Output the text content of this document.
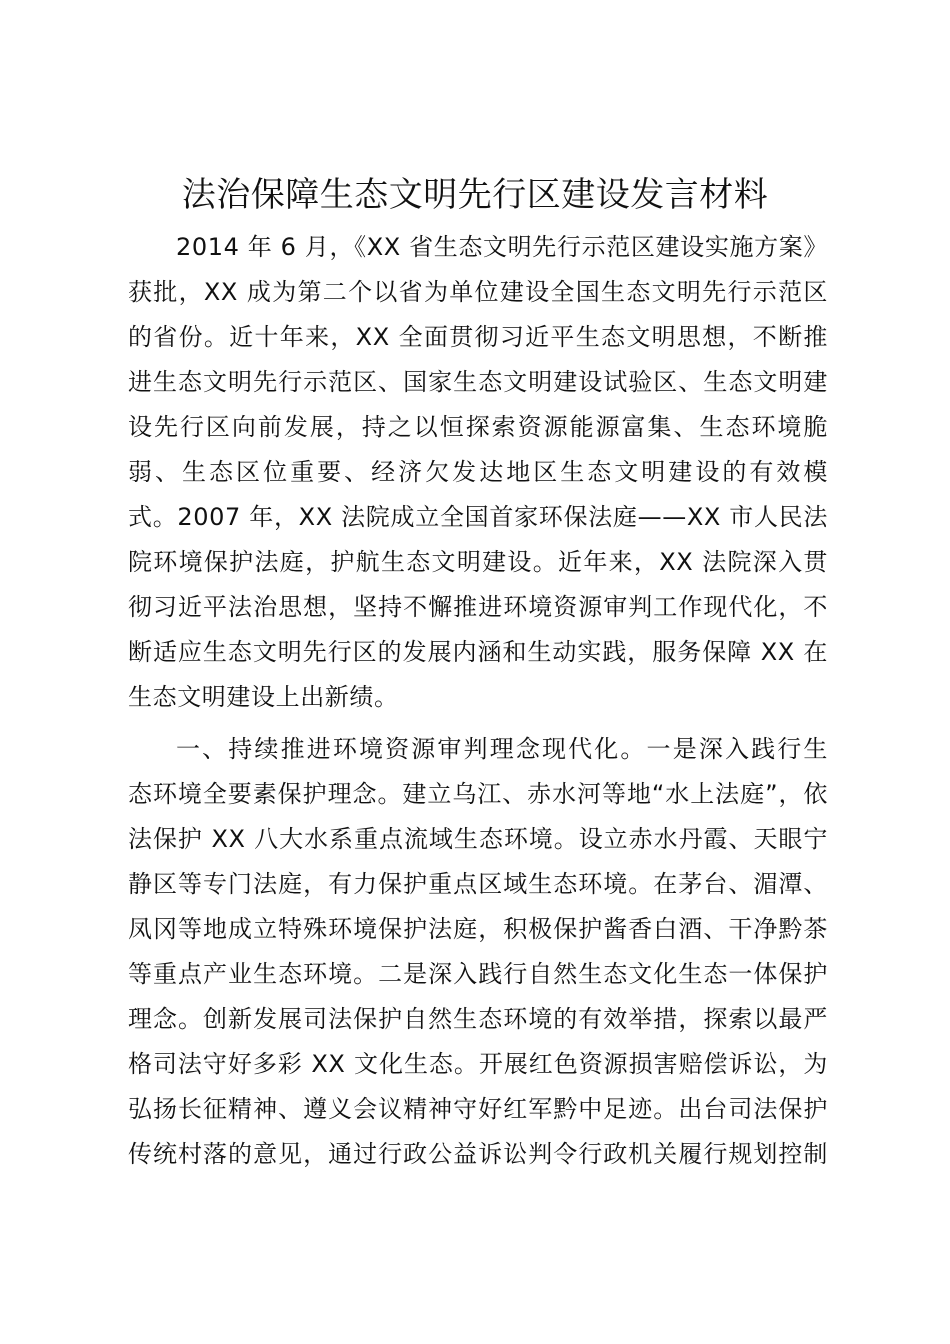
法治保障生态文明先行区建设发言材料
2014 年 6 月，《XX 省生态文明先行示范区建设实施方案》
获批，XX 成为第二个以省为单位建设全国生态文明先行示范区
的省份。近十年来，XX 全面贯彻习近平生态文明思想，不断推
进生态文明先行示范区、国家生态文明建设试验区、生态文明建
设先行区向前发展，持之以恒探索资源能源富集、生态环境脆
弱、生态区位重要、经济欠发达地区生态文明建设的有效模
式。2007 年，XX 法院成立全国首家环保法庭——XX 市人民法
院环境保护法庭，护航生态文明建设。近年来，XX 法院深入贯
彻习近平法治思想，坚持不懈推进环境资源审判工作现代化，不
断适应生态文明先行区的发展内涵和生动实践，服务保障 XX 在
生态文明建设上出新绩。
一、持续推进环境资源审判理念现代化。一是深入践行生
态环境全要素保护理念。建立乌江、赤水河等地“水上法庭”，依
法保护 XX 八大水系重点流域生态环境。设立赤水丹霞、天眼宁
静区等专门法庭，有力保护重点区域生态环境。在茅台、湄潭、
凤冈等地成立特殊环境保护法庭，积极保护酱香白酒、干净黔茶
等重点产业生态环境。二是深入践行自然生态文化生态一体保护
理念。创新发展司法保护自然生态环境的有效举措，探索以最严
格司法守好多彩 XX 文化生态。开展红色资源损害赔偿诉讼，为
弘扬长征精神、遵义会议精神守好红军黔中足迹。出台司法保护
传统村落的意见，通过行政公益诉讼判令行政机关履行规划控制
